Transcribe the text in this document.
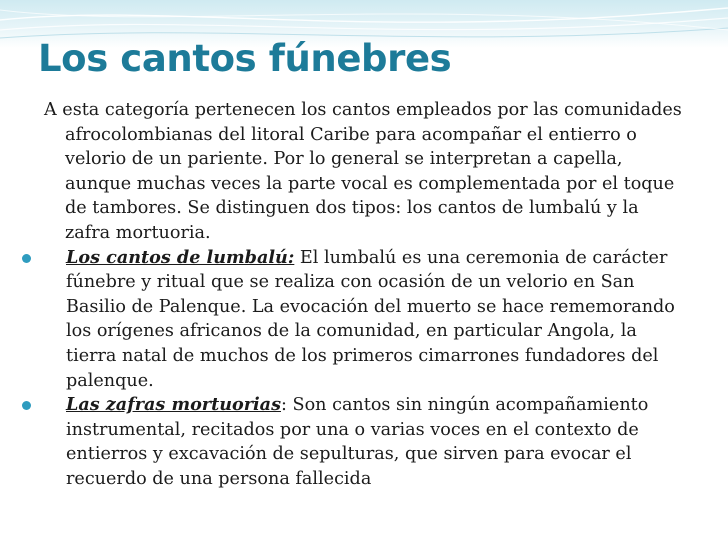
Los cantos fúnebres

A esta categoría pertenecen los cantos empleados por las comunidades afrocolombianas del litoral Caribe para acompañar el entierro o velorio de un pariente. Por lo general se interpretan a capella, aunque muchas veces la parte vocal es complementada por el toque de tambores. Se distinguen dos tipos: los cantos de lumbalú y la zafra mortuoria.

Los cantos de lumbalú: El lumbalú es una ceremonia de carácter fúnebre y ritual que se realiza con ocasión de un velorio en San Basilio de Palenque. La evocación del muerto se hace rememorando los orígenes africanos de la comunidad, en particular Angola, la tierra natal de muchos de los primeros cimarrones fundadores del palenque.

Las zafras mortuorias: Son cantos sin ningún acompañamiento instrumental, recitados por una o varias voces en el contexto de entierros y excavación de sepulturas, que sirven para evocar el recuerdo de una persona fallecida
